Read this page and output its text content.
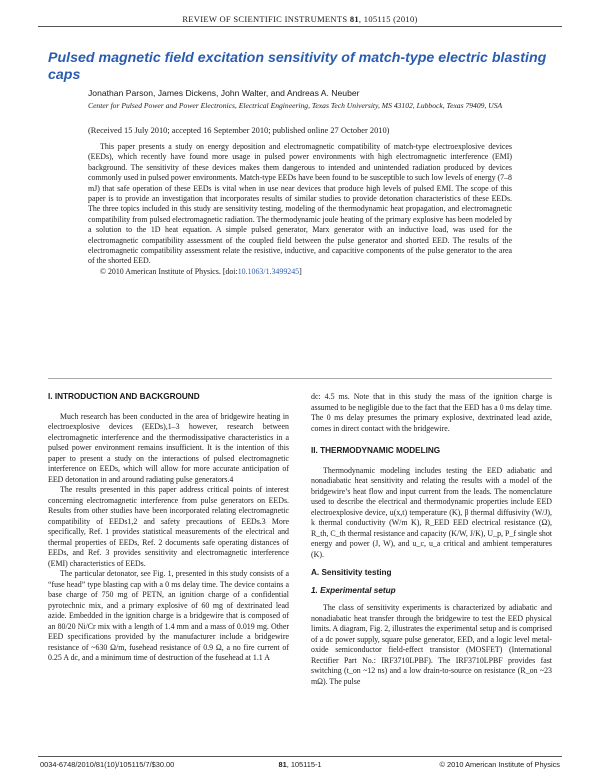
REVIEW OF SCIENTIFIC INSTRUMENTS 81, 105115 (2010)
Pulsed magnetic field excitation sensitivity of match-type electric blasting caps
Jonathan Parson, James Dickens, John Walter, and Andreas A. Neuber
Center for Pulsed Power and Power Electronics, Electrical Engineering, Texas Tech University, MS 43102, Lubbock, Texas 79409, USA
(Received 15 July 2010; accepted 16 September 2010; published online 27 October 2010)

This paper presents a study on energy deposition and electromagnetic compatibility of match-type electroexplosive devices (EEDs), which recently have found more usage in pulsed power environments with high electromagnetic interference (EMI) background. The sensitivity of these devices makes them dangerous to intended and unintended radiation produced by devices commonly used in pulsed power environments. Match-type EEDs have been found to be susceptible to such low levels of energy (7–8 mJ) that safe operation of these EEDs is vital when in use near devices that produce high levels of pulsed EMI. The scope of this paper is to provide an investigation that incorporates results of similar studies to provide detonation characteristics of these EEDs. The three topics included in this study are sensitivity testing, modeling of the thermodynamic heat propagation, and electromagnetic compatibility from pulsed electromagnetic radiation. The thermodynamic joule heating of the primary explosive has been modeled by a solution to the 1D heat equation. A simple pulsed generator, Marx generator with an inductive load, was used for the electromagnetic compatibility assessment of the coupled field between the pulse generator and shorted EED. The results of the electromagnetic compatibility assessment relate the resistive, inductive, and capacitive components of the pulse generator to the area of the shorted EED.

© 2010 American Institute of Physics. [doi:10.1063/1.3499245]

I. INTRODUCTION AND BACKGROUND

Much research has been conducted in the area of bridgewire heating in electroexplosive devices (EEDs),1–3 however, research between electromagnetic interference and the thermodissipative characteristics in a pulsed power environment remains insufficient. It is the intention of this paper to present a study on the interactions of pulsed electromagnetic interference on EEDs, which will allow for more accurate anticipation of EED detonation in and around radiating pulse generators.4

The results presented in this paper address critical points of interest concerning electromagnetic interference from pulse generators on EEDs. Results from other studies have been incorporated relating electromagnetic compatibility of EEDs1,2 and safety precautions of EEDs.3 More specifically, Ref. 1 provides statistical measurements of the electrical and thermal properties of EEDs, Ref. 2 documents safe operating distances of EEDs, and Ref. 3 provides sensitivity and electromagnetic interference (EMI) characteristics of EEDs.

The particular detonator, see Fig. 1, presented in this study consists of a “fuse head” type blasting cap with a 0 ms delay time. The device contains a base charge of 750 mg of PETN, an ignition charge of a confidential pyrotechnic mix, and a primary explosive of 60 mg of dextrinated lead azide. Embedded in the ignition charge is a bridgewire that is composed of an 80/20 Ni/Cr mix with a length of 1.4 mm and a mass of 0.019 mg. Other EED specifications provided by the manufacturer include a bridgewire resistance of ~630 Ω/m, fusehead resistance of 0.9 Ω, a no fire current of 0.25 A dc, and a minimum time of destruction of the fusehead at 1.1 A

dc: 4.5 ms. Note that in this study the mass of the ignition charge is assumed to be negligible due to the fact that the EED has a 0 ms delay time. The 0 ms delay presumes the primary explosive, dextrinated lead azide, comes in direct contact with the bridgewire.

II. THERMODYNAMIC MODELING

Thermodynamic modeling includes testing the EED adiabatic and nonadiabatic heat sensitivity and relating the results with a model of the bridgewire’s heat flow and input current from the leads. The nomenclature used to describe the electrical and thermodynamic properties include EED electroexplosive device, u(x,t) temperature (K), β thermal diffusivity (W/J), k thermal conductivity (W/m K), R_EED EED electrical resistance (Ω), R_th, C_th thermal resistance and capacity (K/W, J/K), U_p, P_f single shot energy and power (J, W), and u_c, u_a critical and ambient temperatures (K).

A. Sensitivity testing
1. Experimental setup

The class of sensitivity experiments is characterized by adiabatic and nonadiabatic heat transfer through the bridgewire to test the EED physical limits. A diagram, Fig. 2, illustrates the experimental setup and is comprised of a dc power supply, square pulse generator, EED, and a logic level metal-oxide semiconductor field-effect transistor (MOSFET) (International Rectifier Part No.: IRF3710LPBF). The IRF3710LPBF provides fast switching (t_on ~12 ns) and a low drain-to-source on resistance (R_on ~23 mΩ). The pulse

0034-6748/2010/81(10)/105115/7/$30.00	81, 105115-1	© 2010 American Institute of Physics
